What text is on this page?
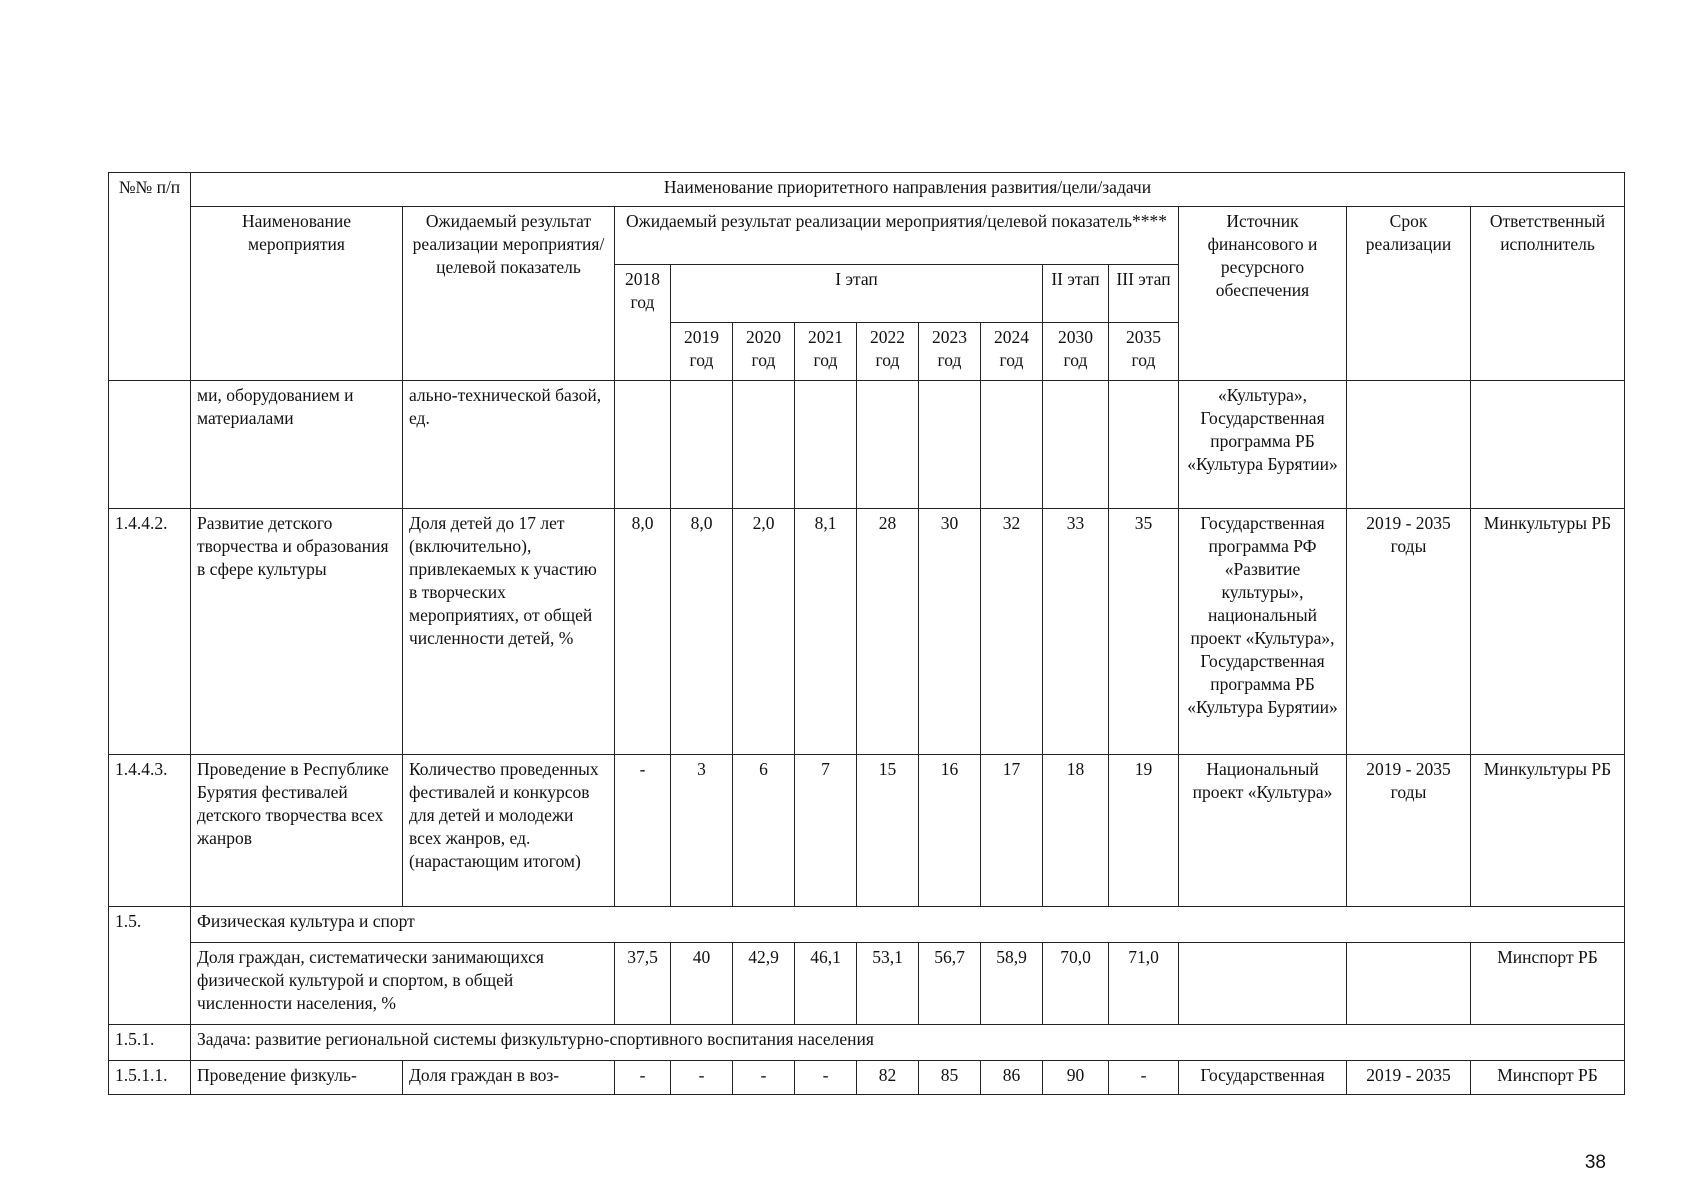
№№ п/п	Наименование приоритетного направления развития/цели/задачи													
	Наименование мероприятия	Ожидаемый результат реализации мероприятия/целевой показатель	Ожидаемый результат реализации мероприятия/целевой показатель****									Источник финансового и ресурсного обеспечения	Срок реализации	Ответственный исполнитель
			2018 год	I этап						II этап	III этап			
				2019 год	2020 год	2021 год	2022 год	2023 год	2024 год	2030 год	2035 год			
	ми, оборудованием и материалами	ально-технической базой, ед.										«Культура», Государственная программа РБ «Культура Бурятии»		
1.4.4.2.	Развитие детского творчества и образования в сфере культуры	Доля детей до 17 лет (включительно), привлекаемых к участию в творческих мероприятиях, от общей численности детей, %	8,0	8,0	2,0	8,1	28	30	32	33	35	Государственная программа РФ «Развитие культуры», национальный проект «Культура», Государственная программа РБ «Культура Бурятии»	2019 - 2035 годы	Минкультуры РБ
1.4.4.3.	Проведение в Республике Бурятия фестивалей детского творчества всех жанров	Количество проведенных фестивалей и конкурсов для детей и молодежи всех жанров, ед. (нарастающим итогом)	-	3	6	7	15	16	17	18	19	Национальный проект «Культура»	2019 - 2035 годы	Минкультуры РБ
1.5.	Физическая культура и спорт													
	Доля граждан, систематически занимающихся физической культурой и спортом, в общей численности населения, %		37,5	40	42,9	46,1	53,1	56,7	58,9	70,0	71,0			Минспорт РБ
1.5.1.	Задача: развитие региональной системы физкультурно-спортивного воспитания населения													
1.5.1.1.	Проведение физкуль-	Доля граждан в воз-	-	-	-	-	82	85	86	90	-	Государственная	2019 - 2035	Минспорт РБ
38
